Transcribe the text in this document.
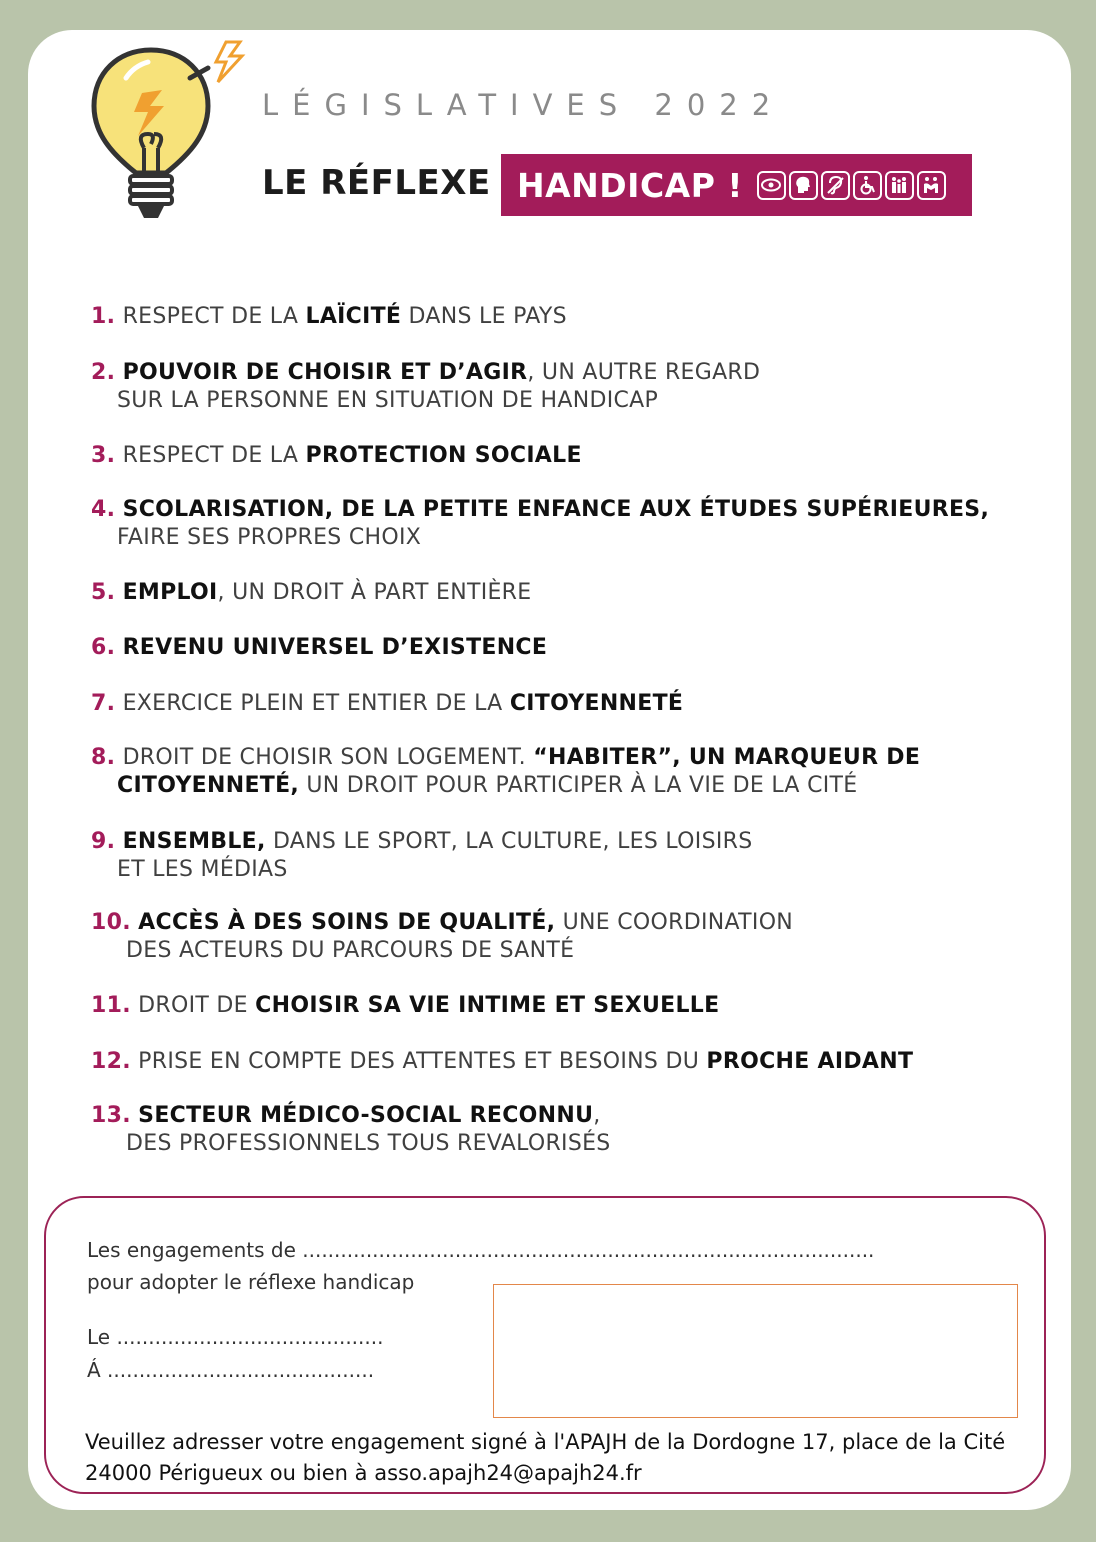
LÉGISLATIVES 2022
LE RÉFLEXE HANDICAP !
1. RESPECT DE LA LAÏCITÉ DANS LE PAYS
2. POUVOIR DE CHOISIR ET D’AGIR, UN AUTRE REGARD
SUR LA PERSONNE EN SITUATION DE HANDICAP
3. RESPECT DE LA PROTECTION SOCIALE
4. SCOLARISATION, DE LA PETITE ENFANCE AUX ÉTUDES SUPÉRIEURES,
FAIRE SES PROPRES CHOIX
5. EMPLOI, UN DROIT À PART ENTIÈRE
6. REVENU UNIVERSEL D’EXISTENCE
7. EXERCICE PLEIN ET ENTIER DE LA CITOYENNETÉ
8. DROIT DE CHOISIR SON LOGEMENT. “HABITER”, UN MARQUEUR DE
CITOYENNETÉ, UN DROIT POUR PARTICIPER À LA VIE DE LA CITÉ
9. ENSEMBLE, DANS LE SPORT, LA CULTURE, LES LOISIRS
ET LES MÉDIAS
10. ACCÈS À DES SOINS DE QUALITÉ, UNE COORDINATION
DES ACTEURS DU PARCOURS DE SANTÉ
11. DROIT DE CHOISIR SA VIE INTIME ET SEXUELLE
12. PRISE EN COMPTE DES ATTENTES ET BESOINS DU PROCHE AIDANT
13. SECTEUR MÉDICO-SOCIAL RECONNU,
DES PROFESSIONNELS TOUS REVALORISÉS
Les engagements de ..........................................................................................
pour adopter le réflexe handicap
Le ..........................................
Á ..........................................
Veuillez adresser votre engagement signé à l'APAJH de la Dordogne 17, place de la Cité
24000 Périgueux ou bien à asso.apajh24@apajh24.fr
